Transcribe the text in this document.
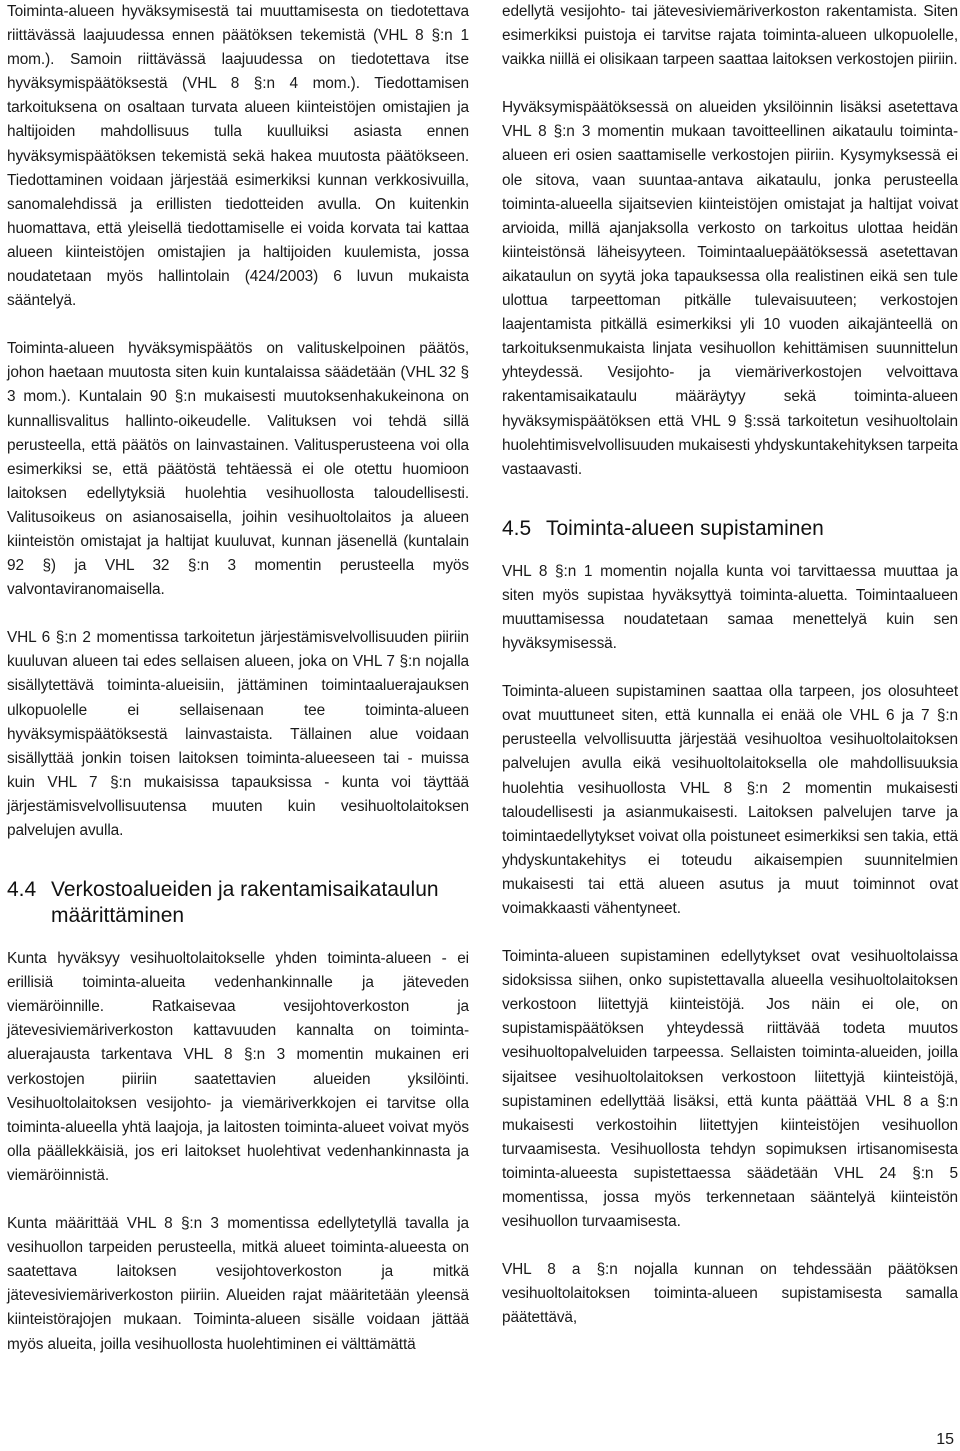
Toiminta-alueen hyväksymisestä tai muuttamisesta on tiedotettava riittävässä laajuudessa ennen päätöksen tekemistä (VHL 8 §:n 1 mom.). Samoin riittävässä laajuudessa on tiedotettava itse hyväksymispäätöksestä (VHL 8 §:n 4 mom.). Tiedottamisen tarkoituksena on osaltaan turvata alueen kiinteistöjen omistajien ja haltijoiden mahdollisuus tulla kuulluiksi asiasta ennen hyväksymispäätöksen tekemistä sekä hakea muutosta päätökseen. Tiedottaminen voidaan järjestää esimerkiksi kunnan verkkosivuilla, sanomalehdissä ja erillisten tiedotteiden avulla. On kuitenkin huomattava, että yleisellä tiedottamiselle ei voida korvata tai kattaa alueen kiinteistöjen omistajien ja haltijoiden kuulemista, jossa noudatetaan myös hallintolain (424/2003) 6 luvun mukaista sääntelyä.

Toiminta-alueen hyväksymispäätös on valituskelpoinen päätös, johon haetaan muutosta siten kuin kuntalaissa säädetään (VHL 32 § 3 mom.). Kuntalain 90 §:n mukaisesti muutoksenhakukeinona on kunnallisvalitus hallinto-oikeudelle. Valituksen voi tehdä sillä perusteella, että päätös on lainvastainen. Valitusperusteena voi olla esimerkiksi se, että päätöstä tehtäessä ei ole otettu huomioon laitoksen edellytyksiä huolehtia vesihuollosta taloudellisesti. Valitusoikeus on asianosaisella, joihin vesihuoltolaitos ja alueen kiinteistön omistajat ja haltijat kuuluvat, kunnan jäsenellä (kuntalain 92 §) ja VHL 32 §:n 3 momentin perusteella myös valvontaviranomaisella.

VHL 6 §:n 2 momentissa tarkoitetun järjestämisvelvollisuuden piiriin kuuluvan alueen tai edes sellaisen alueen, joka on VHL 7 §:n nojalla sisällytettävä toiminta-alueisiin, jättäminen toimintaaluerajauksen ulkopuolelle ei sellaisenaan tee toiminta-alueen hyväksymispäätöksestä lainvastaista. Tällainen alue voidaan sisällyttää jonkin toisen laitoksen toiminta-alueeseen tai - muissa kuin VHL 7 §:n mukaisissa tapauksissa - kunta voi täyttää järjestämisvelvollisuutensa muuten kuin vesihuoltolaitoksen palvelujen avulla.

4.4 Verkostoalueiden ja rakentamisaikataulun määrittäminen

Kunta hyväksyy vesihuoltolaitokselle yhden toiminta-alueen - ei erillisiä toiminta-alueita vedenhankinnalle ja jäteveden viemäröinnille. Ratkaisevaa vesijohtoverkoston ja jätevesiviemäriverkoston kattavuuden kannalta on toiminta-aluerajausta tarkentava VHL 8 §:n 3 momentin mukainen eri verkostojen piiriin saatettavien alueiden yksilöinti. Vesihuoltolaitoksen vesijohto- ja viemäriverkkojen ei tarvitse olla toiminta-alueella yhtä laajoja, ja laitosten toiminta-alueet voivat myös olla päällekkäisiä, jos eri laitokset huolehtivat vedenhankinnasta ja viemäröinnistä.

Kunta määrittää VHL 8 §:n 3 momentissa edellytetyllä tavalla ja vesihuollon tarpeiden perusteella, mitkä alueet toiminta-alueesta on saatettava laitoksen vesijohtoverkoston ja mitkä jätevesiviemäriverkoston piiriin. Alueiden rajat määritetään yleensä kiinteistörajojen mukaan. Toiminta-alueen sisälle voidaan jättää myös alueita, joilla vesihuollosta huolehtiminen ei välttämättä

edellytä vesijohto- tai jätevesiviemäriverkoston rakentamista. Siten esimerkiksi puistoja ei tarvitse rajata toiminta-alueen ulkopuolelle, vaikka niillä ei olisikaan tarpeen saattaa laitoksen verkostojen piiriin.

Hyväksymispäätöksessä on alueiden yksilöinnin lisäksi asetettava VHL 8 §:n 3 momentin mukaan tavoitteellinen aikataulu toiminta-alueen eri osien saattamiselle verkostojen piiriin. Kysymyksessä ei ole sitova, vaan suuntaa-antava aikataulu, jonka perusteella toiminta-alueella sijaitsevien kiinteistöjen omistajat ja haltijat voivat arvioida, millä ajanjaksolla verkosto on tarkoitus ulottaa heidän kiinteistönsä läheisyyteen. Toimintaaluepäätöksessä asetettavan aikataulun on syytä joka tapauksessa olla realistinen eikä sen tule ulottua tarpeettoman pitkälle tulevaisuuteen; verkostojen laajentamista pitkällä esimerkiksi yli 10 vuoden aikajänteellä on tarkoituksenmukaista linjata vesihuollon kehittämisen suunnittelun yhteydessä. Vesijohto- ja viemäriverkostojen velvoittava rakentamisaikataulu määräytyy sekä toiminta-alueen hyväksymispäätöksen että VHL 9 §:ssä tarkoitetun vesihuoltolain huolehtimisvelvollisuuden mukaisesti yhdyskuntakehityksen tarpeita vastaavasti.

4.5 Toiminta-alueen supistaminen

VHL 8 §:n 1 momentin nojalla kunta voi tarvittaessa muuttaa ja siten myös supistaa hyväksyttyä toiminta-aluetta. Toimintaalueen muuttamisessa noudatetaan samaa menettelyä kuin sen hyväksymisessä.

Toiminta-alueen supistaminen saattaa olla tarpeen, jos olosuhteet ovat muuttuneet siten, että kunnalla ei enää ole VHL 6 ja 7 §:n perusteella velvollisuutta järjestää vesihuoltoa vesihuoltolaitoksen palvelujen avulla eikä vesihuoltolaitoksella ole mahdollisuuksia huolehtia vesihuollosta VHL 8 §:n 2 momentin mukaisesti taloudellisesti ja asianmukaisesti. Laitoksen palvelujen tarve ja toimintaedellytykset voivat olla poistuneet esimerkiksi sen takia, että yhdyskuntakehitys ei toteudu aikaisempien suunnitelmien mukaisesti tai että alueen asutus ja muut toiminnot ovat voimakkaasti vähentyneet.

Toiminta-alueen supistaminen edellytykset ovat vesihuoltolaissa sidoksissa siihen, onko supistettavalla alueella vesihuoltolaitoksen verkostoon liitettyjä kiinteistöjä. Jos näin ei ole, on supistamispäätöksen yhteydessä riittävää todeta muutos vesihuoltopalveluiden tarpeessa. Sellaisten toiminta-alueiden, joilla sijaitsee vesihuoltolaitoksen verkostoon liitettyjä kiinteistöjä, supistaminen edellyttää lisäksi, että kunta päättää VHL 8 a §:n mukaisesti verkostoihin liitettyjen kiinteistöjen vesihuollon turvaamisesta. Vesihuollosta tehdyn sopimuksen irtisanomisesta toiminta-alueesta supistettaessa säädetään VHL 24 §:n 5 momentissa, jossa myös terkennetaan sääntelyä kiinteistön vesihuollon turvaamisesta.

VHL 8 a §:n nojalla kunnan on tehdessään päätöksen vesihuoltolaitoksen toiminta-alueen supistamisesta samalla päätettävä,

15
